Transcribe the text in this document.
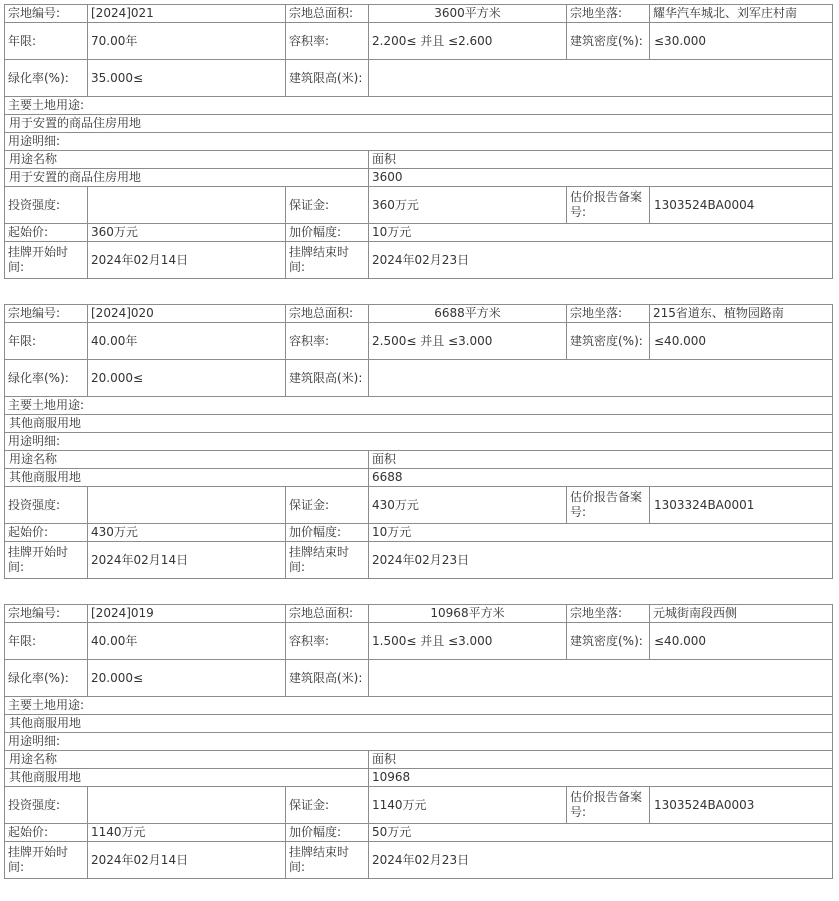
宗地编号:	[2024]021	宗地总面积:	3600平方米	宗地坐落:	耀华汽车城北、刘军庄村南
年限:	70.00年	容积率:	2.200≤ 并且 ≤2.600	建筑密度(%):	≤30.000
绿化率(%):	35.000≤	建筑限高(米):			
主要土地用途:					
用于安置的商品住房用地					
用途明细:					
用途名称			面积		
用于安置的商品住房用地			3600		
投资强度:		保证金:	360万元	估价报告备案号:	1303524BA0004
起始价:	360万元	加价幅度:	10万元		
挂牌开始时间:	2024年02月14日	挂牌结束时间:	2024年02月23日		
宗地编号:	[2024]020	宗地总面积:	6688平方米	宗地坐落:	215省道东、植物园路南
年限:	40.00年	容积率:	2.500≤ 并且 ≤3.000	建筑密度(%):	≤40.000
绿化率(%):	20.000≤	建筑限高(米):			
主要土地用途:					
其他商服用地					
用途明细:					
用途名称			面积		
其他商服用地			6688		
投资强度:		保证金:	430万元	估价报告备案号:	1303324BA0001
起始价:	430万元	加价幅度:	10万元		
挂牌开始时间:	2024年02月14日	挂牌结束时间:	2024年02月23日		
宗地编号:	[2024]019	宗地总面积:	10968平方米	宗地坐落:	元城街南段西侧
年限:	40.00年	容积率:	1.500≤ 并且 ≤3.000	建筑密度(%):	≤40.000
绿化率(%):	20.000≤	建筑限高(米):			
主要土地用途:					
其他商服用地					
用途明细:					
用途名称			面积		
其他商服用地			10968		
投资强度:		保证金:	1140万元	估价报告备案号:	1303524BA0003
起始价:	1140万元	加价幅度:	50万元		
挂牌开始时间:	2024年02月14日	挂牌结束时间:	2024年02月23日		
